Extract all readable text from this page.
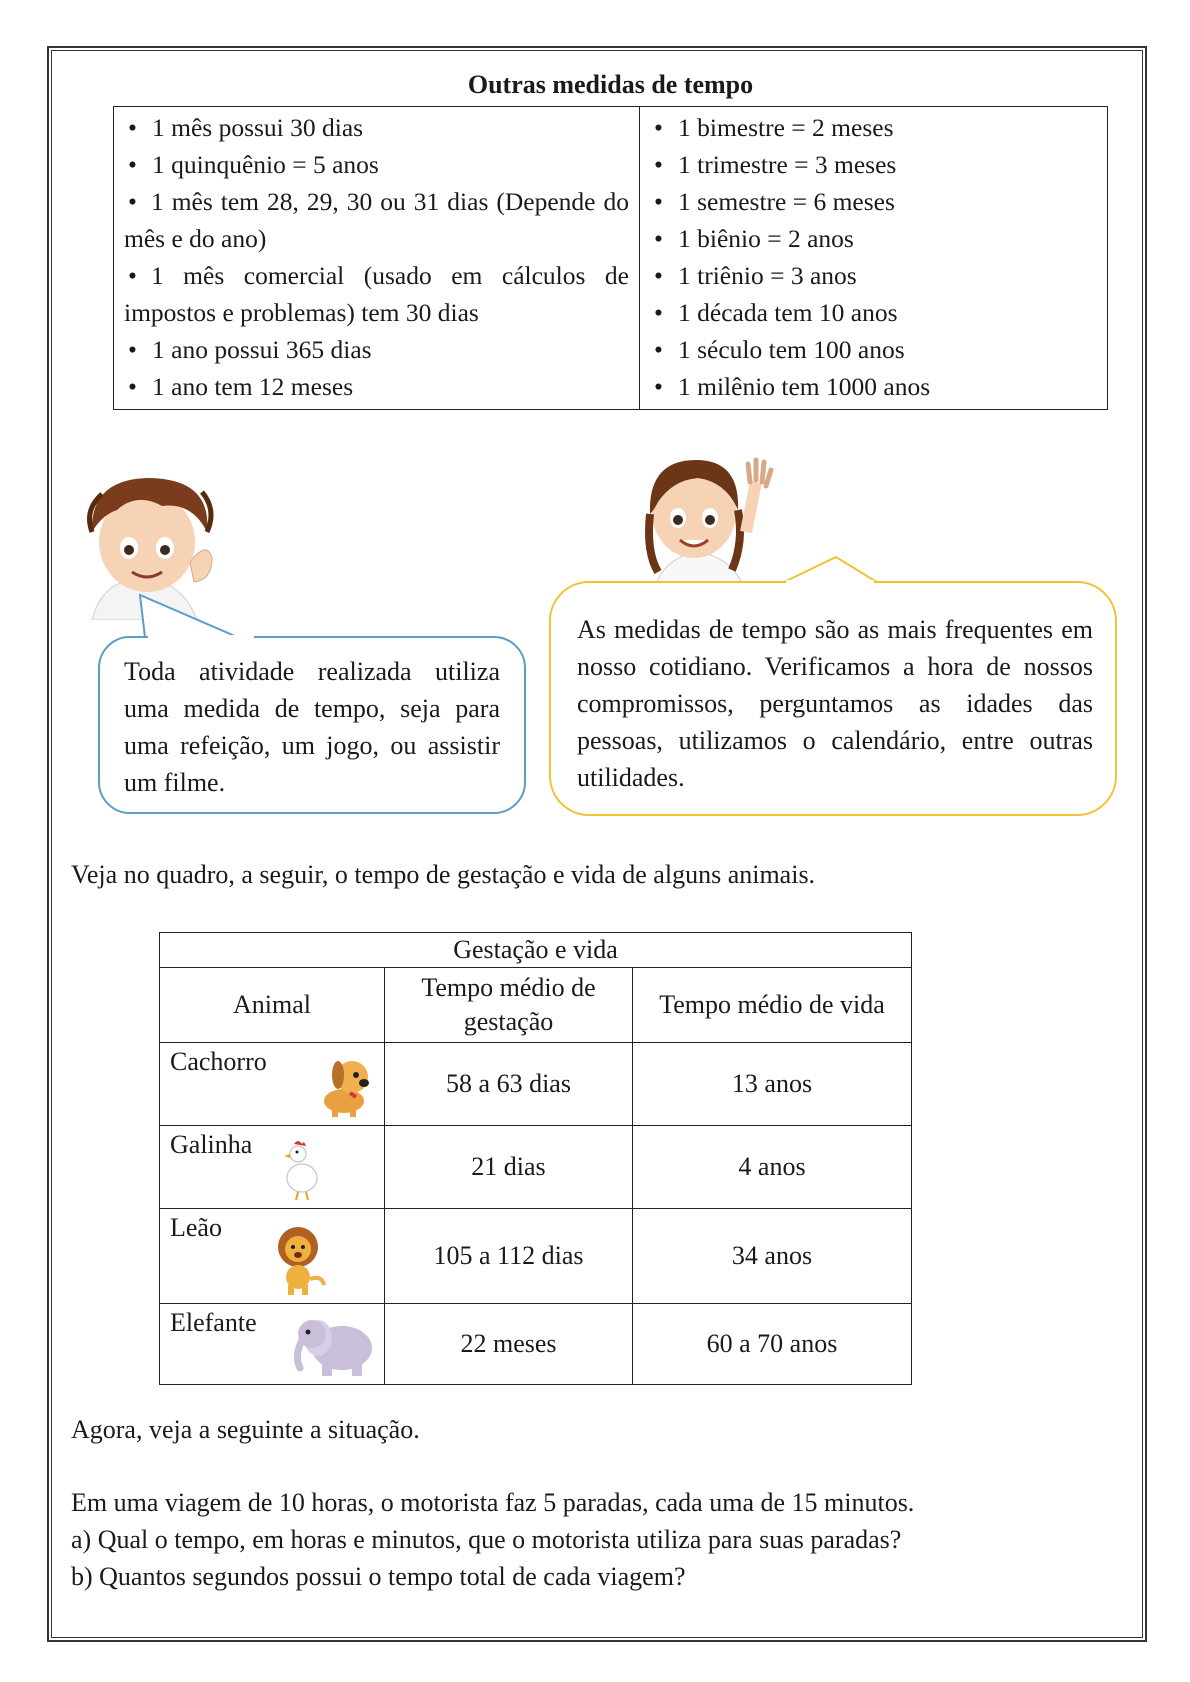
Outras medidas de tempo
• 1 mês possui 30 dias
• 1 quinquênio = 5 anos
• 1 mês tem 28, 29, 30 ou 31 dias (Depende do mês e do ano)
• 1 mês comercial (usado em cálculos de impostos e problemas) tem 30 dias
• 1 ano possui 365 dias
• 1 ano tem 12 meses
• 1 bimestre = 2 meses
• 1 trimestre = 3 meses
• 1 semestre = 6 meses
• 1 biênio = 2 anos
• 1 triênio = 3 anos
• 1 década tem 10 anos
• 1 século tem 100 anos
• 1 milênio tem 1000 anos
Toda atividade realizada utiliza uma medida de tempo, seja para uma refeição, um jogo, ou assistir um filme.
As medidas de tempo são as mais frequentes em nosso cotidiano. Verificamos a hora de nossos compromissos, perguntamos as idades das pessoas, utilizamos o calendário, entre outras utilidades.
Veja no quadro, a seguir, o tempo de gestação e vida de alguns animais.
Gestação e vida		
Animal	Tempo médio de gestação	Tempo médio de vida
Cachorro	58 a 63 dias	13 anos
Galinha	21 dias	4 anos
Leão	105 a 112 dias	34 anos
Elefante	22 meses	60 a 70 anos
Agora, veja a seguinte a situação.
Em uma viagem de 10 horas, o motorista faz 5 paradas, cada uma de 15 minutos.
a) Qual o tempo, em horas e minutos, que o motorista utiliza para suas paradas?
b) Quantos segundos possui o tempo total de cada viagem?
